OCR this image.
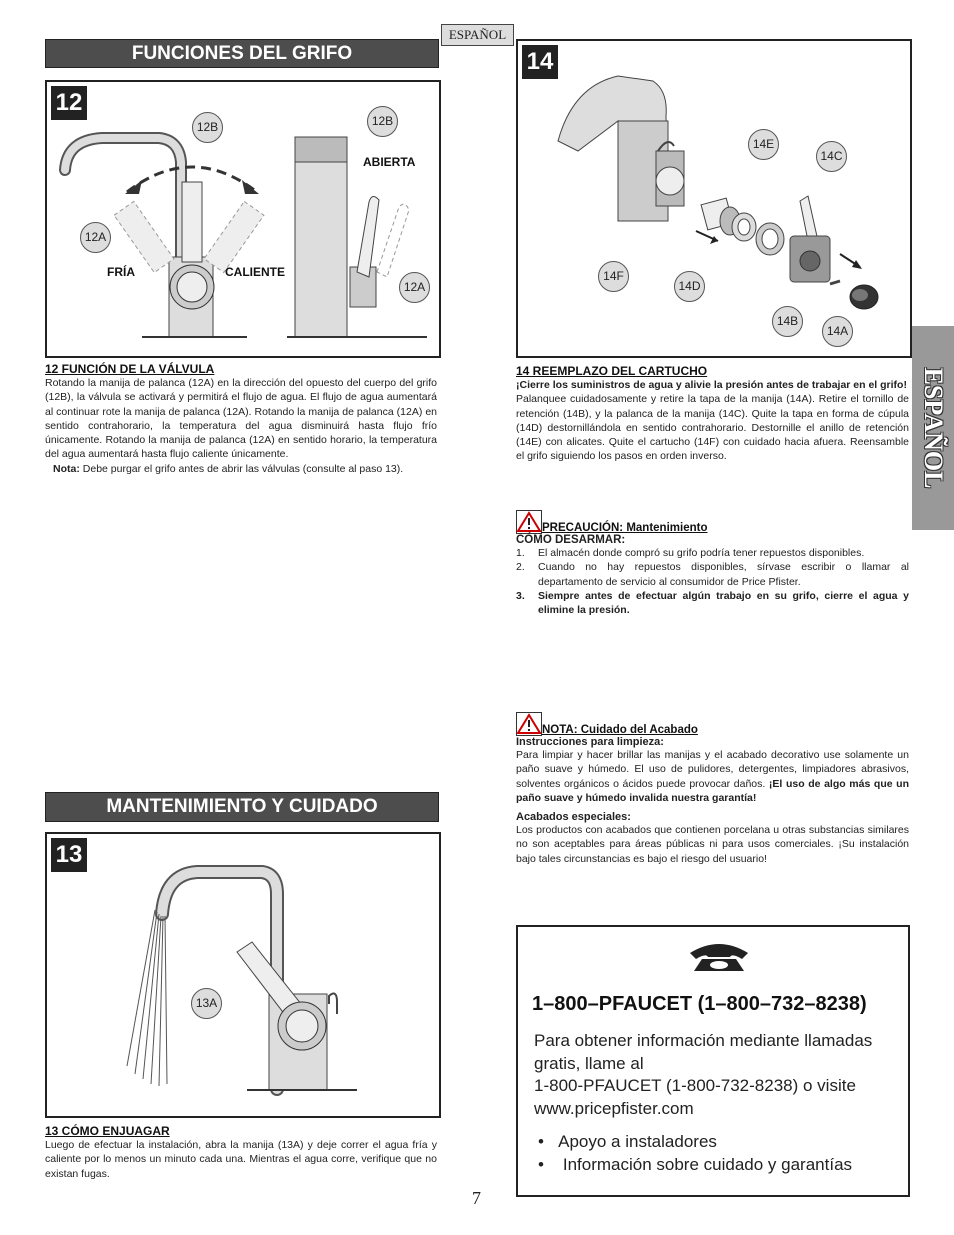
ESPAÑOL
ESPAÑOL
FUNCIONES DEL GRIFO
12
12B	12B
12A
12A
ABIERTA
FRÍA	CALIENTE
12 FUNCIÓN DE LA VÁLVULA
Rotando la manija de palanca (12A) en la dirección del opuesto del cuerpo del grifo (12B), la válvula se activará y permitirá el flujo de agua. El flujo de agua aumentará al continuar rote la manija de palanca (12A). Rotando la manija de palanca (12A) en sentido contrahorario, la temperatura del agua disminuirá hasta flujo frío únicamente. Rotando la manija de palanca (12A) en sentido horario, la temperatura del agua aumentará hasta flujo caliente únicamente.
Nota: Debe purgar el grifo antes de abrir las válvulas (consulte al paso 13).
MANTENIMIENTO Y CUIDADO
13
13A
13 CÓMO ENJUAGAR
Luego de efectuar la instalación, abra la manija (13A) y deje correr el agua fría y caliente por lo menos un minuto cada una. Mientras el agua corre, verifique que no existan fugas.
14
14E
14C
14F
14D
14B
14A
14 REEMPLAZO DEL CARTUCHO
¡Cierre los suministros de agua y alivie la presión antes de trabajar en el grifo!
Palanquee cuidadosamente y retire la tapa de la manija (14A). Retire el tornillo de retención (14B), y la palanca de la manija (14C). Quite la tapa en forma de cúpula (14D) destornillándola en sentido contrahorario. Destornille el anillo de retención (14E) con alicates. Quite el cartucho (14F) con cuidado hacia afuera. Reensamble el grifo siguiendo los pasos en orden inverso.
PRECAUCIÓN: Mantenimiento
CÓMO DESARMAR:
1. El almacén donde compró su grifo podría tener repuestos disponibles.
2. Cuando no hay repuestos disponibles, sírvase escribir o llamar al departamento de servicio al consumidor de Price Pfister.
3. Siempre antes de efectuar algún trabajo en su grifo, cierre el agua y elimine la presión.
NOTA: Cuidado del Acabado
Instrucciones para limpieza:
Para limpiar y hacer brillar las manijas y el acabado decorativo use solamente un paño suave y húmedo. El uso de pulidores, detergentes, limpiadores abrasivos, solventes orgánicos o ácidos puede provocar daños. ¡El uso de algo más que un paño suave y húmedo invalida nuestra garantía!
Acabados especiales:
Los productos con acabados que contienen porcelana u otras substancias similares no son aceptables para áreas públicas ni para usos comerciales. ¡Su instalación bajo tales circunstancias es bajo el riesgo del usuario!
1–800–PFAUCET (1–800–732–8238)
Para obtener información mediante llamadas gratis, llame al
1-800-PFAUCET (1-800-732-8238) o visite
www.pricepfister.com
•   Apoyo a instaladores
•    Información sobre cuidado y garantías
7
